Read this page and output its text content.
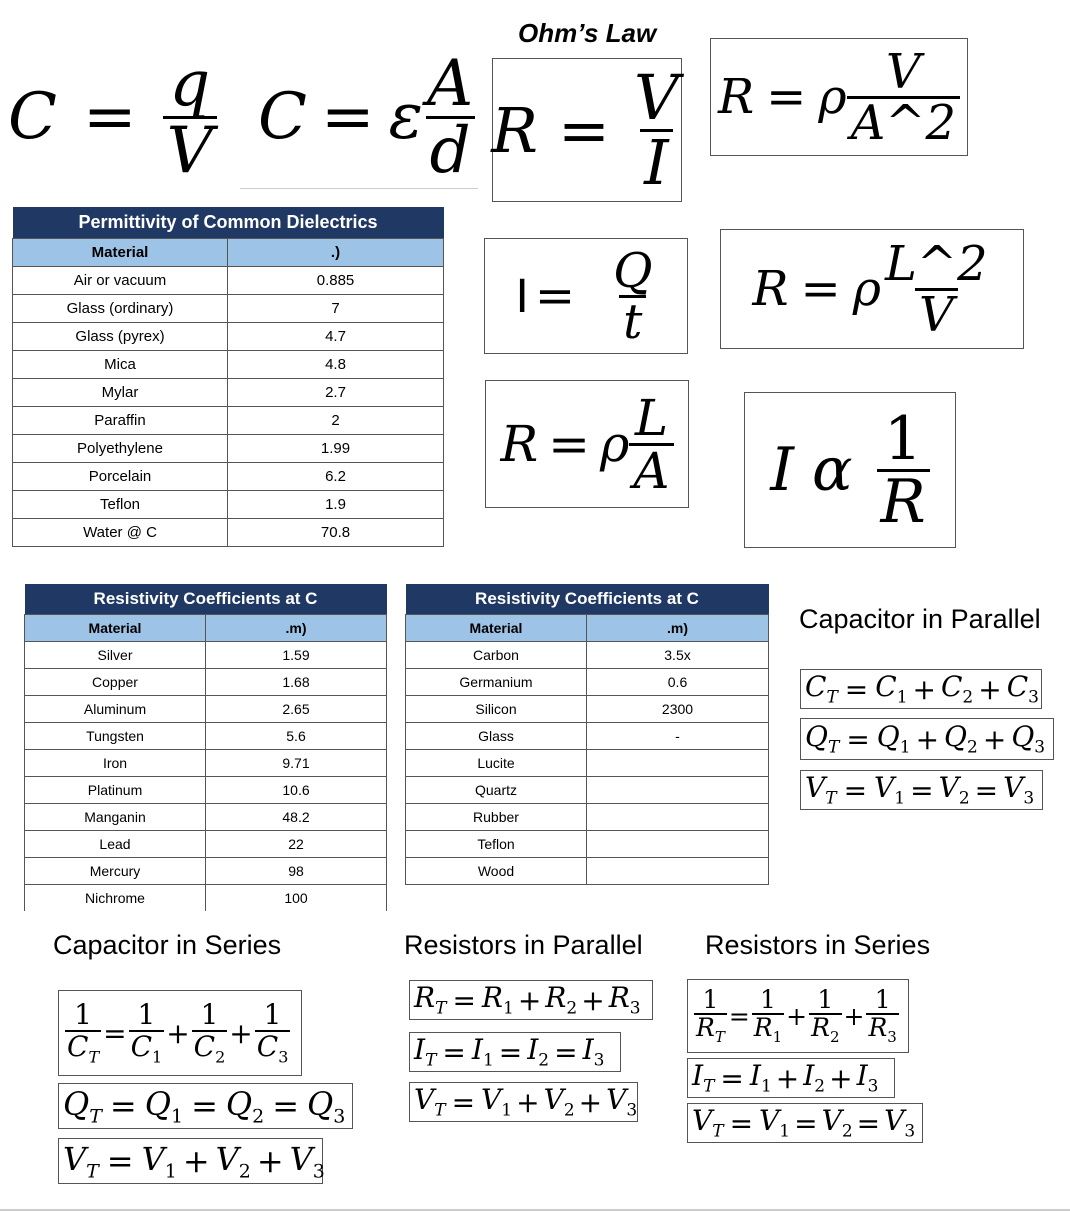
Ohm’s Law
$C = \frac{q}{V}$ C = ε $\frac{A}{d}$ $R = \frac{V}{I}$ R = ρ $\frac{V}{A\^{}2}$
$I = \frac{Q}{t}$ R = ρ $\frac{L\^{}2}{V}$
R = ρ $\frac{L}{A}$ I α $\frac{1}{R}$
Permittivity of Common Dielectrics	
Material	.)
Air or vacuum	0.885
Glass (ordinary)	7
Glass (pyrex)	4.7
Mica	4.8
Mylar	2.7
Paraffin	2
Polyethylene	1.99
Porcelain	6.2
Teflon	1.9
Water @ C	70.8
Resistivity Coefficients at C	
Material	.m)
Silver	1.59
Copper	1.68
Aluminum	2.65
Tungsten	5.6
Iron	9.71
Platinum	10.6
Manganin	48.2
Lead	22
Mercury	98
Nichrome	100
Resistivity Coefficients at C	
Material	.m)
Carbon	3.5x
Germanium	0.6
Silicon	2300
Glass	-
Lucite	
Quartz	
Rubber	
Teflon	
Wood	
Capacitor in Parallel
Capacitor in Series	Resistors in Parallel Resistors in Series
$C_T = C_1 + C_2 + C_3$
$Q_T = Q_1 + Q_2 + Q_3$
$V_T = V_1 = V_2 = V_3$
$\frac{1}{C_T} = \frac{1}{C_1} + \frac{1}{C_2} + \frac{1}{C_3}$
$Q_T = Q_1 = Q_2 = Q_3$
$V_T = V_1 + V_2 + V_3$
$R_T = R_1 + R_2 + R_3$
$I_T = I_1 = I_2 = I_3$
$V_T = V_1 + V_2 + V_3$
$\frac{1}{R_T} = \frac{1}{R_1} + \frac{1}{R_2} + \frac{1}{R_3}$
$I_T = I_1 + I_2 + I_3$
$V_T = V_1 = V_2 = V_3$
